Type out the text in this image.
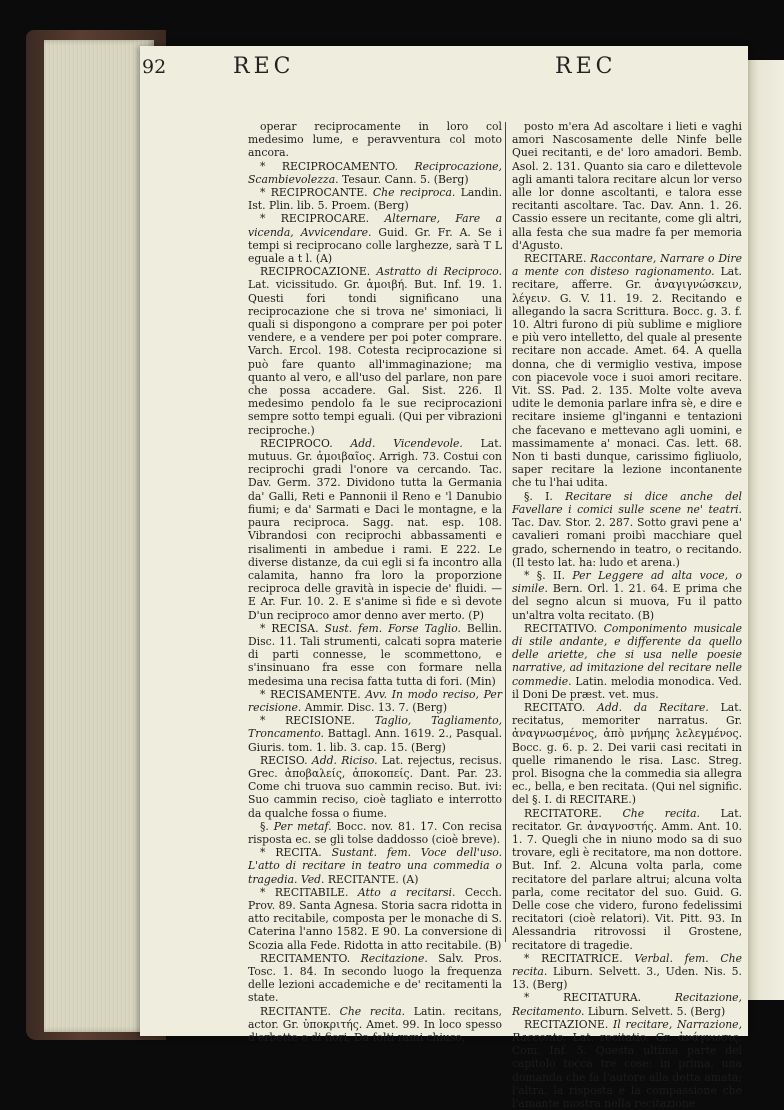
92	REC	REC

operar reciprocamente in loro col medesimo lume, e peravventura col moto ancora.

* RECIPROCAMENTO. Reciprocazione, Scambievolezza. Tesaur. Cann. 5. (Berg)

* RECIPROCANTE. Che reciproca. Landin. Ist. Plin. lib. 5. Proem. (Berg)

* RECIPROCARE. Alternare, Fare a vicenda, Avvicendare. Guid. Gr. Fr. A. Se i tempi si reciprocano colle larghezze, sarà T L eguale a t l. (A)

RECIPROCAZIONE. Astratto di Reciproco. Lat. vicissitudo. Gr. ἀμοιβή. But. Inf. 19. 1. Questi fori tondi significano una reciprocazione che si trova ne' simoniaci, li quali si dispongono a comprare per poi poter vendere, e a vendere per poi poter comprare. Varch. Ercol. 198. Cotesta reciprocazione si può fare quanto all'immaginazione; ma quanto al vero, e all'uso del parlare, non pare che possa accadere. Gal. Sist. 226. Il medesimo pendolo fa le sue reciprocazioni sempre sotto tempi eguali. (Qui per vibrazioni reciproche.)

RECIPROCO. Add. Vicendevole. Lat. mutuus. Gr. ἀμοιβαῖος. Arrigh. 73. Costui con reciprochi gradi l'onore va cercando. Tac. Dav. Germ. 372. Dividono tutta la Germania da' Galli, Reti e Pannonii il Reno e 'l Danubio fiumi; e da' Sarmati e Daci le montagne, e la paura reciproca. Sagg. nat. esp. 108. Vibrandosi con reciprochi abbassamenti e risalimenti in ambedue i rami. E 222. Le diverse distanze, da cui egli si fa incontro alla calamita, hanno fra loro la proporzione reciproca delle gravità in ispecie de' fluidi. — E Ar. Fur. 10. 2. E s'anime sì fide e sì devote D'un reciproco amor denno aver merto. (P)

* RECISA. Sust. fem. Forse Taglio. Bellin. Disc. 11. Tali strumenti, calcati sopra materie di parti connesse, le scommettono, e s'insinuano fra esse con formare nella medesima una recisa fatta tutta di fori. (Min)

* RECISAMENTE. Avv. In modo reciso, Per recisione. Ammir. Disc. 13. 7. (Berg)

* RECISIONE. Taglio, Tagliamento, Troncamento. Battagl. Ann. 1619. 2., Pasqual. Giuris. tom. 1. lib. 3. cap. 15. (Berg)

RECISO. Add. Riciso. Lat. rejectus, recisus. Grec. ἀποβαλείς, ἀποκοπείς. Dant. Par. 23. Come chi truova suo cammin reciso. But. ivi: Suo cammin reciso, cioè tagliato e interrotto da qualche fossa o fiume.

§. Per metaf. Bocc. nov. 81. 17. Con recisa risposta ec. se gli tolse daddosso (cioè breve).

* RECITA. Sustant. fem. Voce dell'uso. L'atto di recitare in teatro una commedia o tragedia. Ved. RECITANTE. (A)

* RECITABILE. Atto a recitarsi. Cecch. Prov. 89. Santa Agnesa. Storia sacra ridotta in atto recitabile, composta per le monache di S. Caterina l'anno 1582. E 90. La conversione di Scozia alla Fede. Ridotta in atto recitabile. (B)

RECITAMENTO. Recitazione. Salv. Pros. Tosc. 1. 84. In secondo luogo la frequenza delle lezioni accademiche e de' recitamenti la state.

RECITANTE. Che recita. Latin. recitans, actor. Gr. ὑποκριτής. Amet. 99. In loco spesso d'erbette e di fiori, Da folti rami chiuso,

posto m'era Ad ascoltare i lieti e vaghi amori Nascosamente delle Ninfe belle Quei recitanti, e de' loro amadori. Bemb. Asol. 2. 131. Quanto sia caro e dilettevole agli amanti talora recitare alcun lor verso alle lor donne ascoltanti, e talora esse recitanti ascoltare. Tac. Dav. Ann. 1. 26. Cassio essere un recitante, come gli altri, alla festa che sua madre fa per memoria d'Agusto.

RECITARE. Raccontare, Narrare o Dire a mente con disteso ragionamento. Lat. recitare, afferre. Gr. ἀναγιγνώσκειν, λέγειν. G. V. 11. 19. 2. Recitando e allegando la sacra Scrittura. Bocc. g. 3. f. 10. Altri furono di più sublime e migliore e più vero intelletto, del quale al presente recitare non accade. Amet. 64. A quella donna, che di vermiglio vestiva, impose con piacevole voce i suoi amori recitare. Vit. SS. Pad. 2. 135. Molte volte aveva udite le demonia parlare infra sè, e dire e recitare insieme gl'inganni e tentazioni che facevano e mettevano agli uomini, e massimamente a' monaci. Cas. lett. 68. Non ti basti dunque, carissimo figliuolo, saper recitare la lezione incontanente che tu l'hai udita.

§. I. Recitare si dice anche del Favellare i comici sulle scene ne' teatri. Tac. Dav. Stor. 2. 287. Sotto gravi pene a' cavalieri romani proibì macchiare quel grado, schernendo in teatro, o recitando. (Il testo lat. ha: ludo et arena.)

* §. II. Per Leggere ad alta voce, o simile. Bern. Orl. 1. 21. 64. E prima che del segno alcun si muova, Fu il patto un'altra volta recitato. (B)

RECITATIVO. Componimento musicale di stile andante, e differente da quello delle ariette, che si usa nelle poesie narrative, ad imitazione del recitare nelle commedie. Latin. melodia monodica. Ved. il Doni De præst. vet. mus.

RECITATO. Add. da Recitare. Lat. recitatus, memoriter narratus. Gr. ἀναγνωσμένος, ἀπὸ μνήμης λελεγμένος. Bocc. g. 6. p. 2. Dei varii casi recitati in quelle rimanendo le risa. Lasc. Streg. prol. Bisogna che la commedia sia allegra ec., bella, e ben recitata. (Qui nel signific. del §. I. di RECITARE.)

RECITATORE. Che recita. Lat. recitator. Gr. ἀναγνοστής. Amm. Ant. 10. 1. 7. Quegli che in niuno modo sa di suo trovare, egli è recitatore, ma non dottore. But. Inf. 2. Alcuna volta parla, come recitatore del parlare altrui; alcuna volta parla, come recitator del suo. Guid. G. Delle cose che videro, furono fedelissimi recitatori (cioè relatori). Vit. Pitt. 93. In Alessandria ritrovossi il Grostene, recitatore di tragedie.

* RECITATRICE. Verbal. fem. Che recita. Liburn. Selvett. 3., Uden. Nis. 5. 13. (Berg)

* RECITATURA. Recitazione, Recitamento. Liburn. Selvett. 5. (Berg)

RECITAZIONE. Il recitare, Narrazione, Racconto. Lat. recitatio. Gr. ἀνάγνωσις. Com. Inf. 5. Questa ultima parte del capitolo tocca tre cose: in prima, una domanda che fa l'autore alla detta amata; l'altra, la risposta e la compassione che l'amante mostra nella recitazione
